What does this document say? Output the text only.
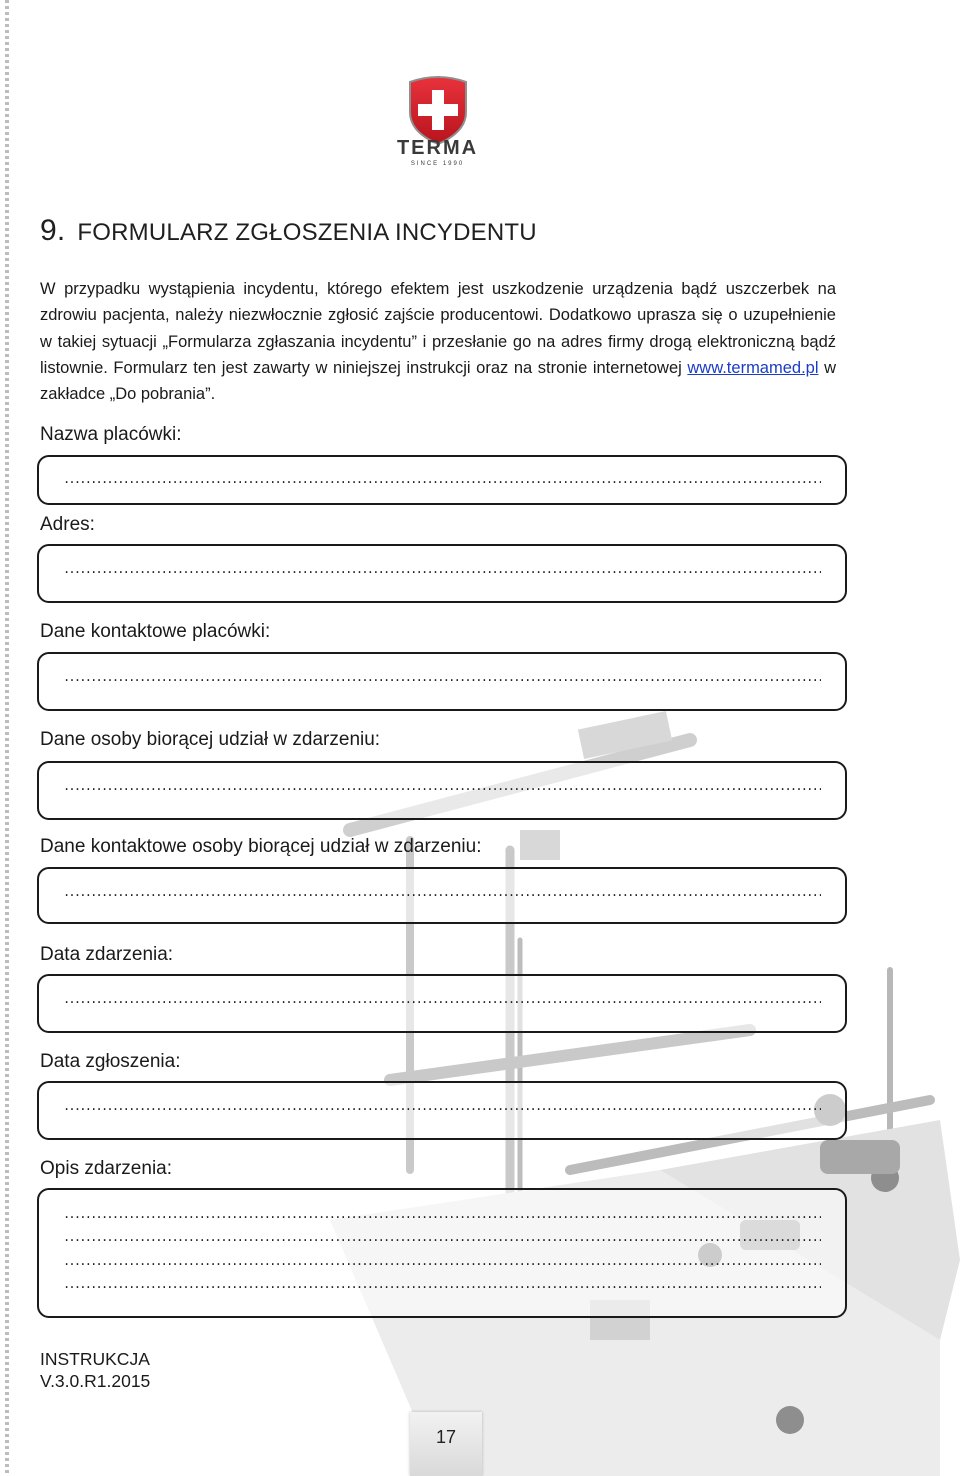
TERMA
SINCE 1990
9. FORMULARZ ZGŁOSZENIA INCYDENTU

W przypadku wystąpienia incydentu, którego efektem jest uszkodzenie urządzenia bądź uszczerbek na zdrowiu pacjenta, należy niezwłocznie zgłosić zajście producentowi. Dodatkowo uprasza się o uzupełnienie w takiej sytuacji „Formularza zgłaszania incydentu” i przesłanie go na adres firmy drogą elektroniczną bądź listownie. Formularz ten jest zawarty w niniejszej instrukcji oraz na stronie internetowej www.termamed.pl w zakładce „Do pobrania”.

Nazwa placówki:
.....
Adres:
.....
Dane kontaktowe placówki:
.....
Dane osoby biorącej udział w zdarzeniu:
.....
Dane kontaktowe osoby biorącej udział w zdarzeniu:
.....
Data zdarzenia:
.....
Data zgłoszenia:
.....
Opis zdarzenia:
.....
.....
.....
.....
INSTRUKCJA
V.3.0.R1.2015
17
